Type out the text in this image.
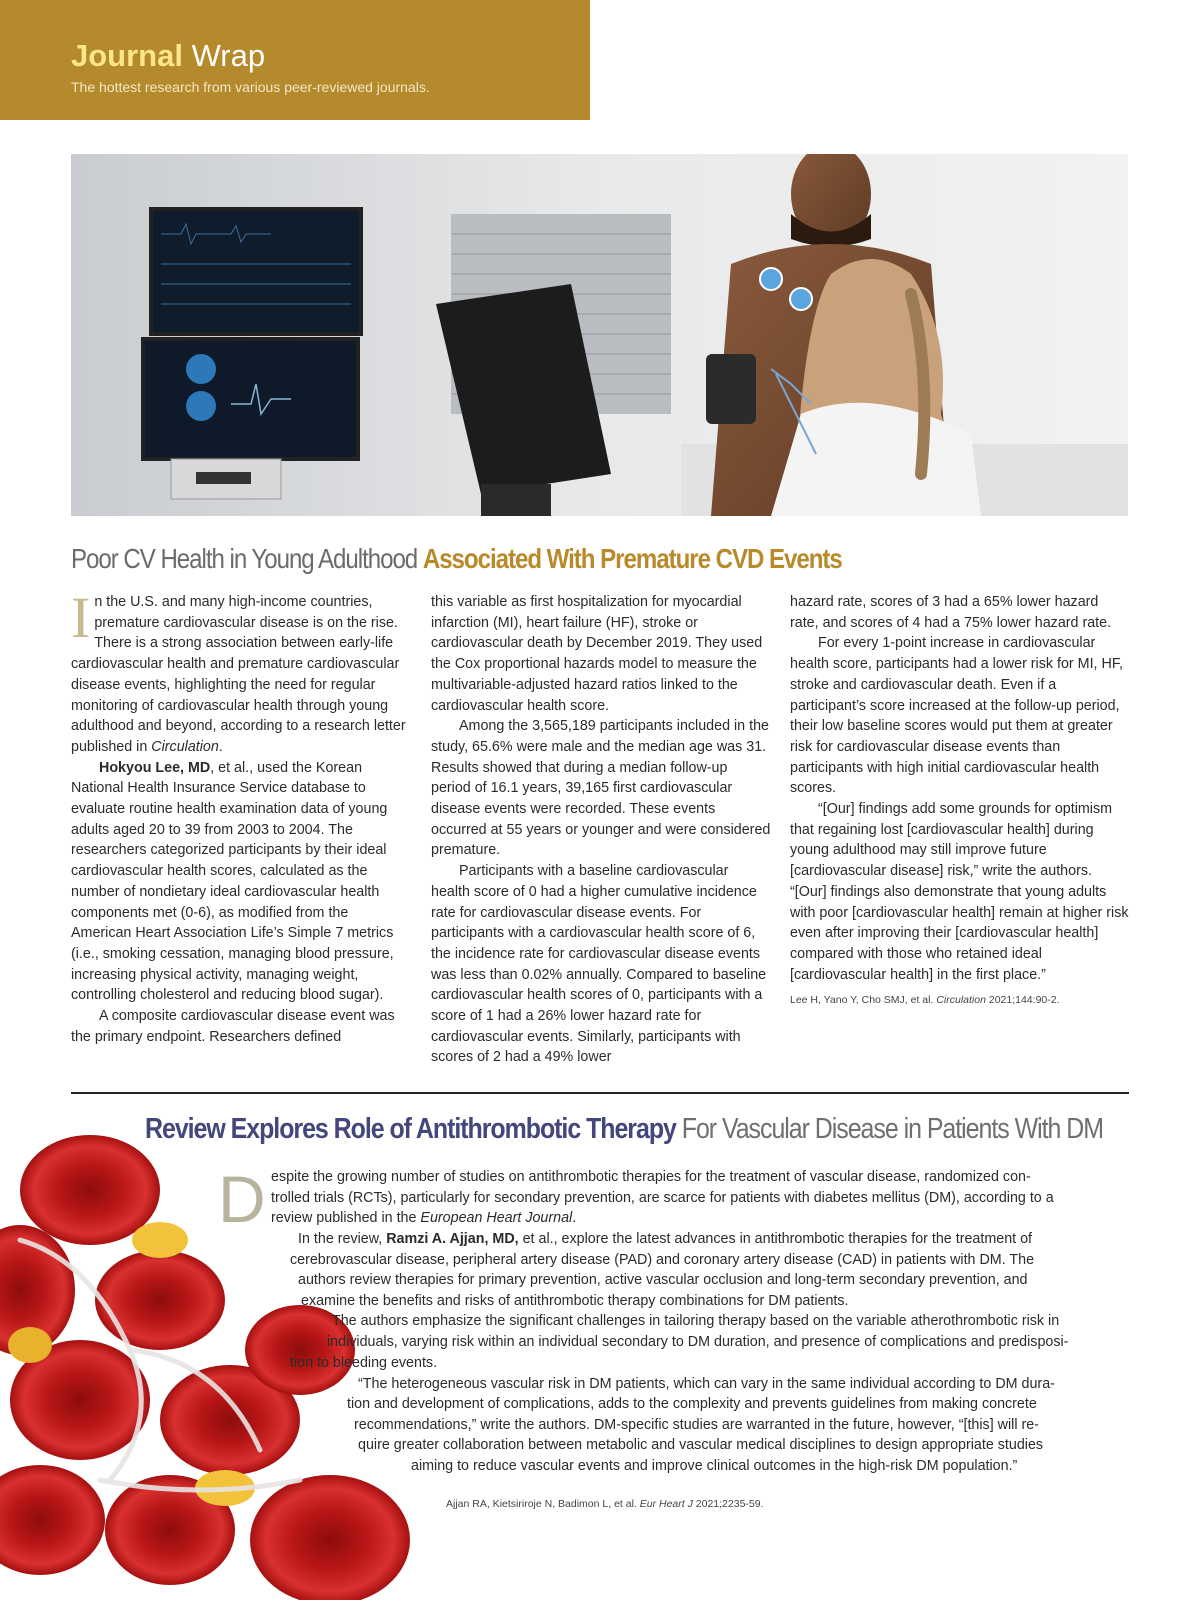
Journal Wrap
The hottest research from various peer-reviewed journals.
Poor CV Health in Young Adulthood Associated With Premature CVD Events

In the U.S. and many high-income countries, premature cardiovascular disease is on the rise. There is a strong association between early-life cardiovascular health and premature cardiovascular disease events, highlighting the need for regular monitoring of cardiovascular health through young adulthood and beyond, according to a research letter published in Circulation.

Hokyou Lee, MD, et al., used the Korean National Health Insurance Service database to evaluate routine health examination data of young adults aged 20 to 39 from 2003 to 2004. The researchers categorized participants by their ideal cardiovascular health scores, calculated as the number of nondietary ideal cardiovascular health components met (0-6), as modified from the American Heart Association Life’s Simple 7 metrics (i.e., smoking cessation, managing blood pressure, increasing physical activity, managing weight, controlling cholesterol and reducing blood sugar).

A composite cardiovascular disease event was the primary endpoint. Researchers defined

this variable as first hospitalization for myocardial infarction (MI), heart failure (HF), stroke or cardiovascular death by December 2019. They used the Cox proportional hazards model to measure the multivariable-adjusted hazard ratios linked to the cardiovascular health score.

Among the 3,565,189 participants included in the study, 65.6% were male and the median age was 31. Results showed that during a median follow-up period of 16.1 years, 39,165 first cardiovascular disease events were recorded. These events occurred at 55 years or younger and were considered premature.

Participants with a baseline cardiovascular health score of 0 had a higher cumulative incidence rate for cardiovascular disease events. For participants with a cardiovascular health score of 6, the incidence rate for cardiovascular disease events was less than 0.02% annually. Compared to baseline cardiovascular health scores of 0, participants with a score of 1 had a 26% lower hazard rate for cardiovascular events. Similarly, participants with scores of 2 had a 49% lower

hazard rate, scores of 3 had a 65% lower hazard rate, and scores of 4 had a 75% lower hazard rate.

For every 1-point increase in cardiovascular health score, participants had a lower risk for MI, HF, stroke and cardiovascular death. Even if a participant’s score increased at the follow-up period, their low baseline scores would put them at greater risk for cardiovascular disease events than participants with high initial cardiovascular health scores.

“[Our] findings add some grounds for optimism that regaining lost [cardiovascular health] during young adulthood may still improve future [cardiovascular disease] risk,” write the authors. “[Our] findings also demonstrate that young adults with poor [cardiovascular health] remain at higher risk even after improving their [cardiovascular health] compared with those who retained ideal [cardiovascular health] in the first place.”

Lee H, Yano Y, Cho SMJ, et al. Circulation 2021;144:90-2.

Review Explores Role of Antithrombotic Therapy For Vascular Disease in Patients With DM
D espite the growing number of studies on antithrombotic therapies for the treatment of vascular disease, randomized con-

trolled trials (RCTs), particularly for secondary prevention, are scarce for patients with diabetes mellitus (DM), according to a

review published in the European Heart Journal.

In the review, Ramzi A. Ajjan, MD, et al., explore the latest advances in antithrombotic therapies for the treatment of
cerebrovascular disease, peripheral artery disease (PAD) and coronary artery disease (CAD) in patients with DM. The
authors review therapies for primary prevention, active vascular occlusion and long-term secondary prevention, and
examine the benefits and risks of antithrombotic therapy combinations for DM patients.
The authors emphasize the significant challenges in tailoring therapy based on the variable atherothrombotic risk in
individuals, varying risk within an individual secondary to DM duration, and presence of complications and predisposi-
tion to bleeding events.
“The heterogeneous vascular risk in DM patients, which can vary in the same individual according to DM dura-
tion and development of complications, adds to the complexity and prevents guidelines from making concrete
recommendations,” write the authors. DM-specific studies are warranted in the future, however, “[this] will re-
quire greater collaboration between metabolic and vascular medical disciplines to design appropriate studies
aiming to reduce vascular events and improve clinical outcomes in the high-risk DM population.”
Ajjan RA, Kietsiriroje N, Badimon L, et al. Eur Heart J 2021;2235-59.
14 Cardiology August 2021
